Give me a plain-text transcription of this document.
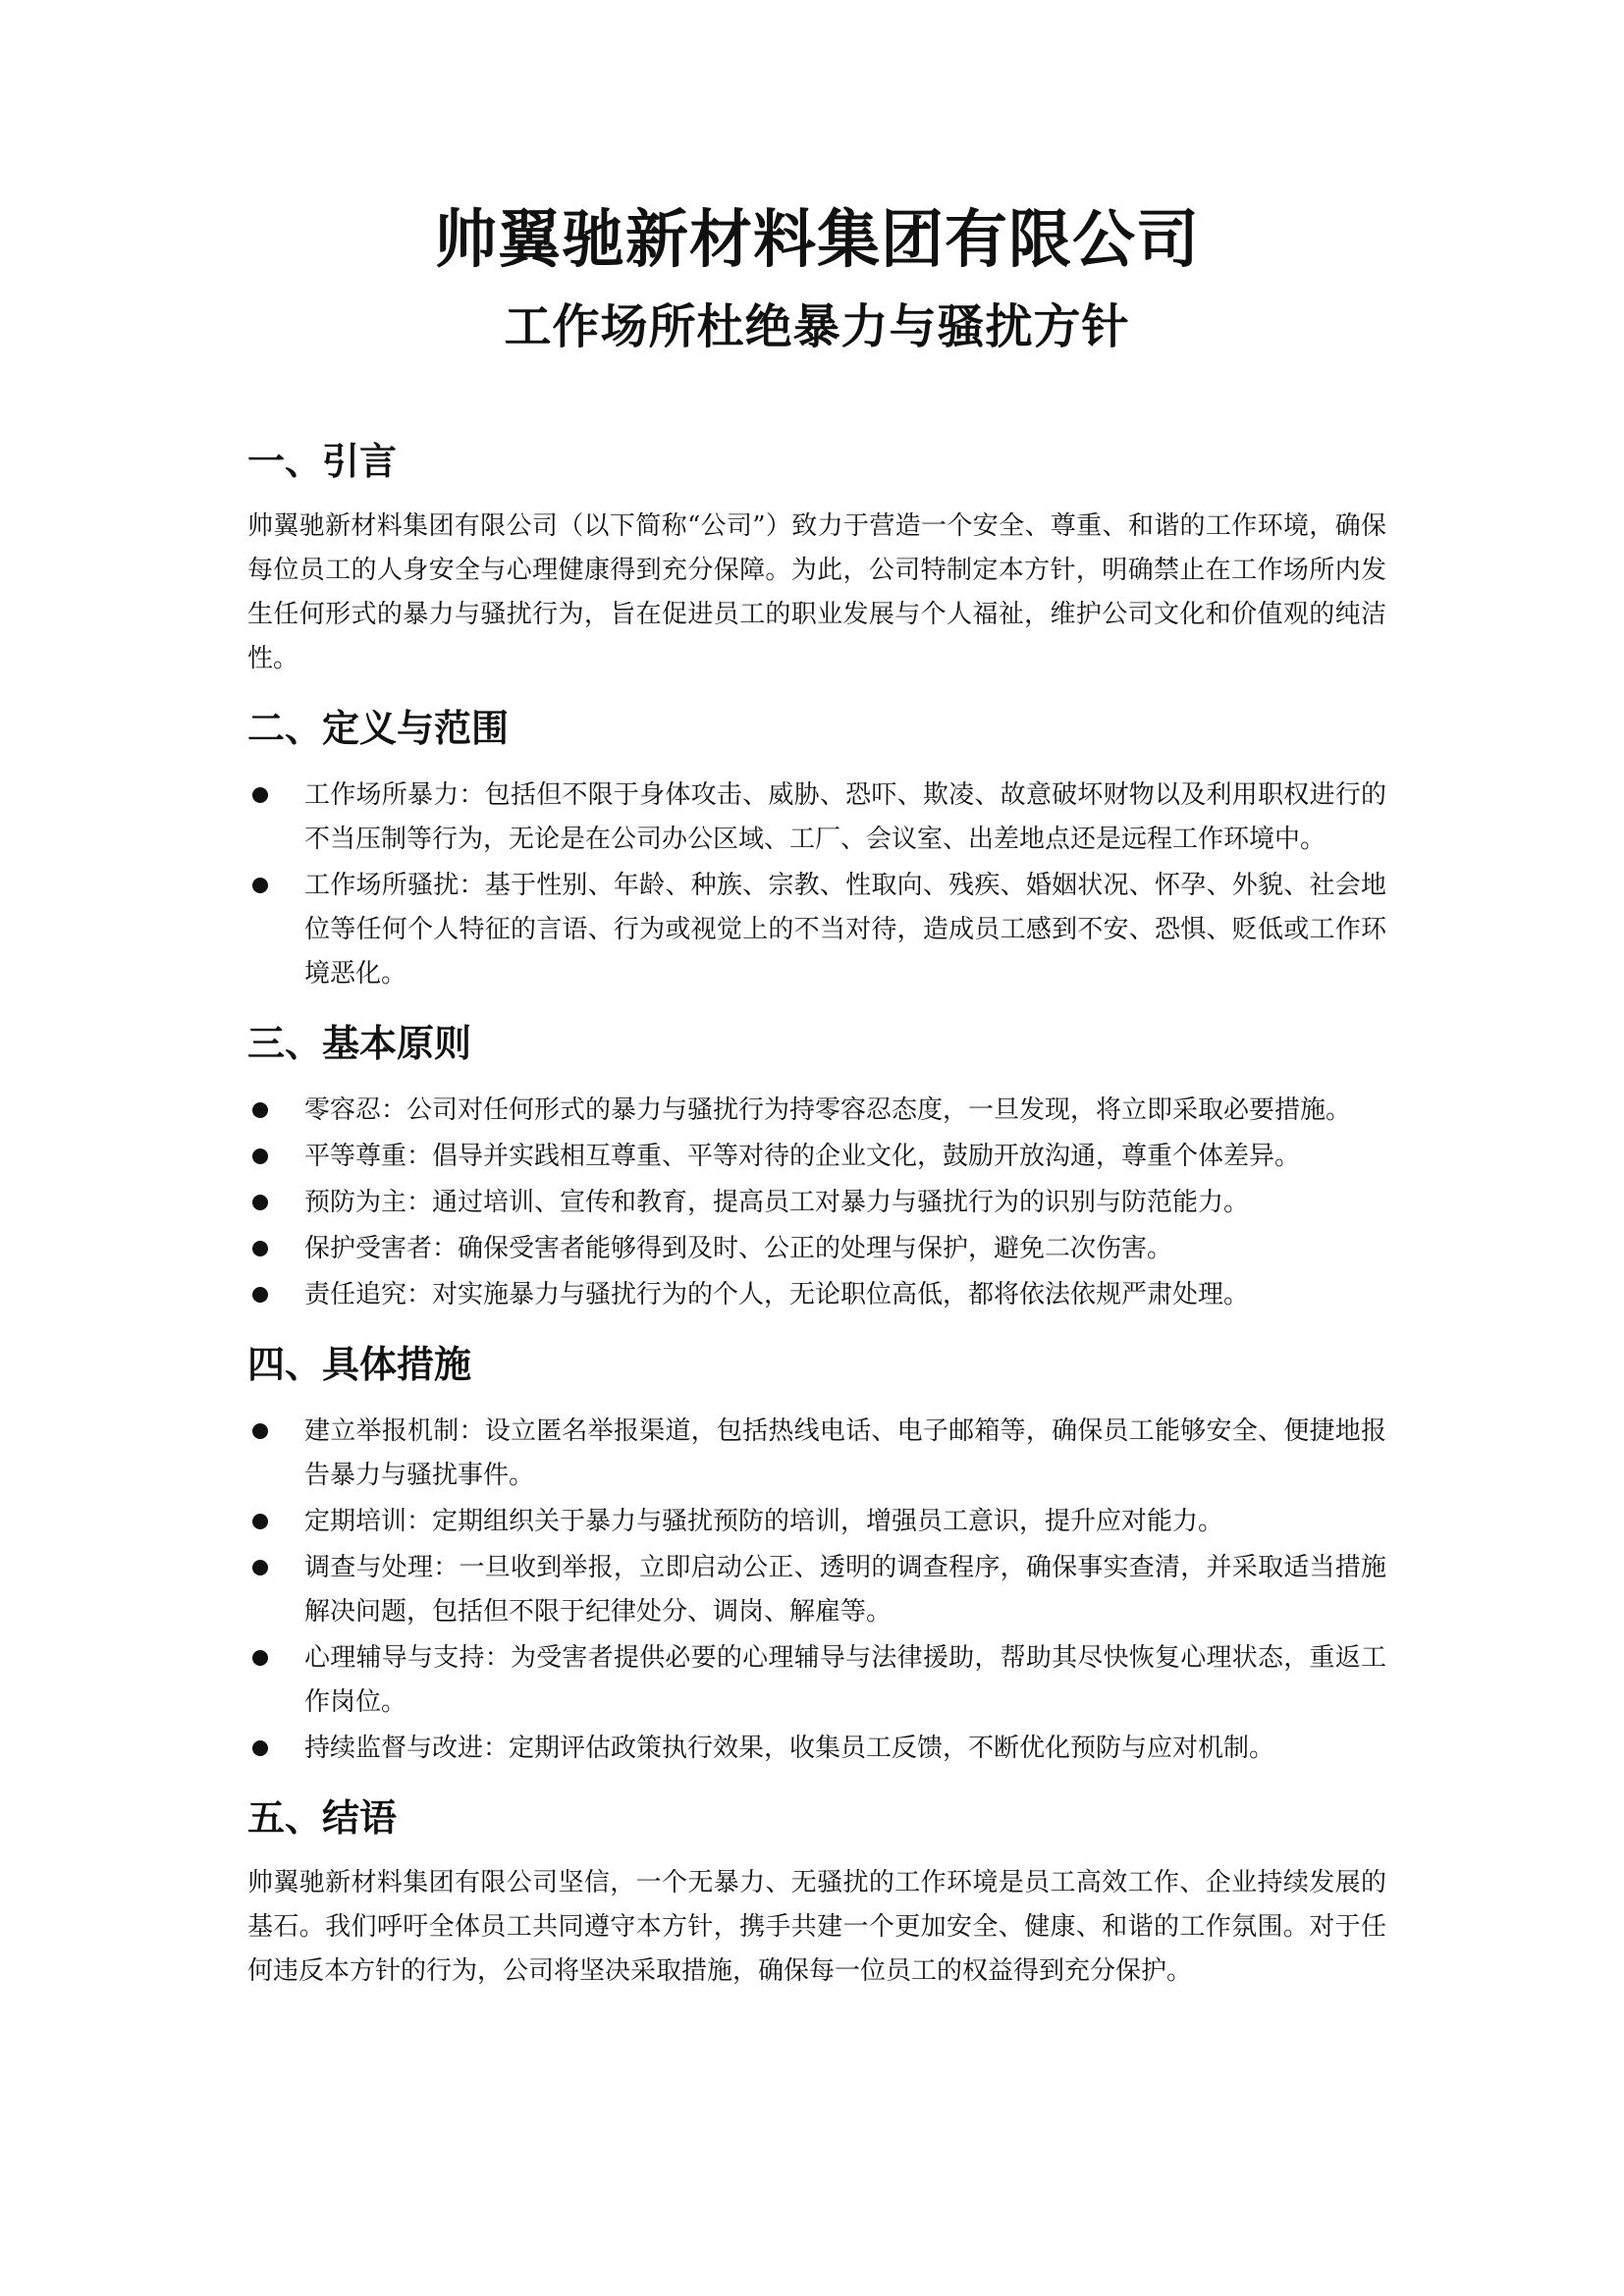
帅翼驰新材料集团有限公司
工作场所杜绝暴力与骚扰方针
一、引言

帅翼驰新材料集团有限公司（以下简称“公司”）致力于营造一个安全、尊重、和谐的工作环境，确保每位员工的人身安全与心理健康得到充分保障。为此，公司特制定本方针，明确禁止在工作场所内发生任何形式的暴力与骚扰行为，旨在促进员工的职业发展与个人福祉，维护公司文化和价值观的纯洁性。

二、定义与范围
工作场所暴力：包括但不限于身体攻击、威胁、恐吓、欺凌、故意破坏财物以及利用职权进行的不当压制等行为，无论是在公司办公区域、工厂、会议室、出差地点还是远程工作环境中。
工作场所骚扰：基于性别、年龄、种族、宗教、性取向、残疾、婚姻状况、怀孕、外貌、社会地位等任何个人特征的言语、行为或视觉上的不当对待，造成员工感到不安、恐惧、贬低或工作环境恶化。
三、基本原则
零容忍：公司对任何形式的暴力与骚扰行为持零容忍态度，一旦发现，将立即采取必要措施。
平等尊重：倡导并实践相互尊重、平等对待的企业文化，鼓励开放沟通，尊重个体差异。
预防为主：通过培训、宣传和教育，提高员工对暴力与骚扰行为的识别与防范能力。
保护受害者：确保受害者能够得到及时、公正的处理与保护，避免二次伤害。
责任追究：对实施暴力与骚扰行为的个人，无论职位高低，都将依法依规严肃处理。
四、具体措施
建立举报机制：设立匿名举报渠道，包括热线电话、电子邮箱等，确保员工能够安全、便捷地报告暴力与骚扰事件。
定期培训：定期组织关于暴力与骚扰预防的培训，增强员工意识，提升应对能力。
调查与处理：一旦收到举报，立即启动公正、透明的调查程序，确保事实查清，并采取适当措施解决问题，包括但不限于纪律处分、调岗、解雇等。
心理辅导与支持：为受害者提供必要的心理辅导与法律援助，帮助其尽快恢复心理状态，重返工作岗位。
持续监督与改进：定期评估政策执行效果，收集员工反馈，不断优化预防与应对机制。
五、结语

帅翼驰新材料集团有限公司坚信，一个无暴力、无骚扰的工作环境是员工高效工作、企业持续发展的基石。我们呼吁全体员工共同遵守本方针，携手共建一个更加安全、健康、和谐的工作氛围。对于任何违反本方针的行为，公司将坚决采取措施，确保每一位员工的权益得到充分保护。
